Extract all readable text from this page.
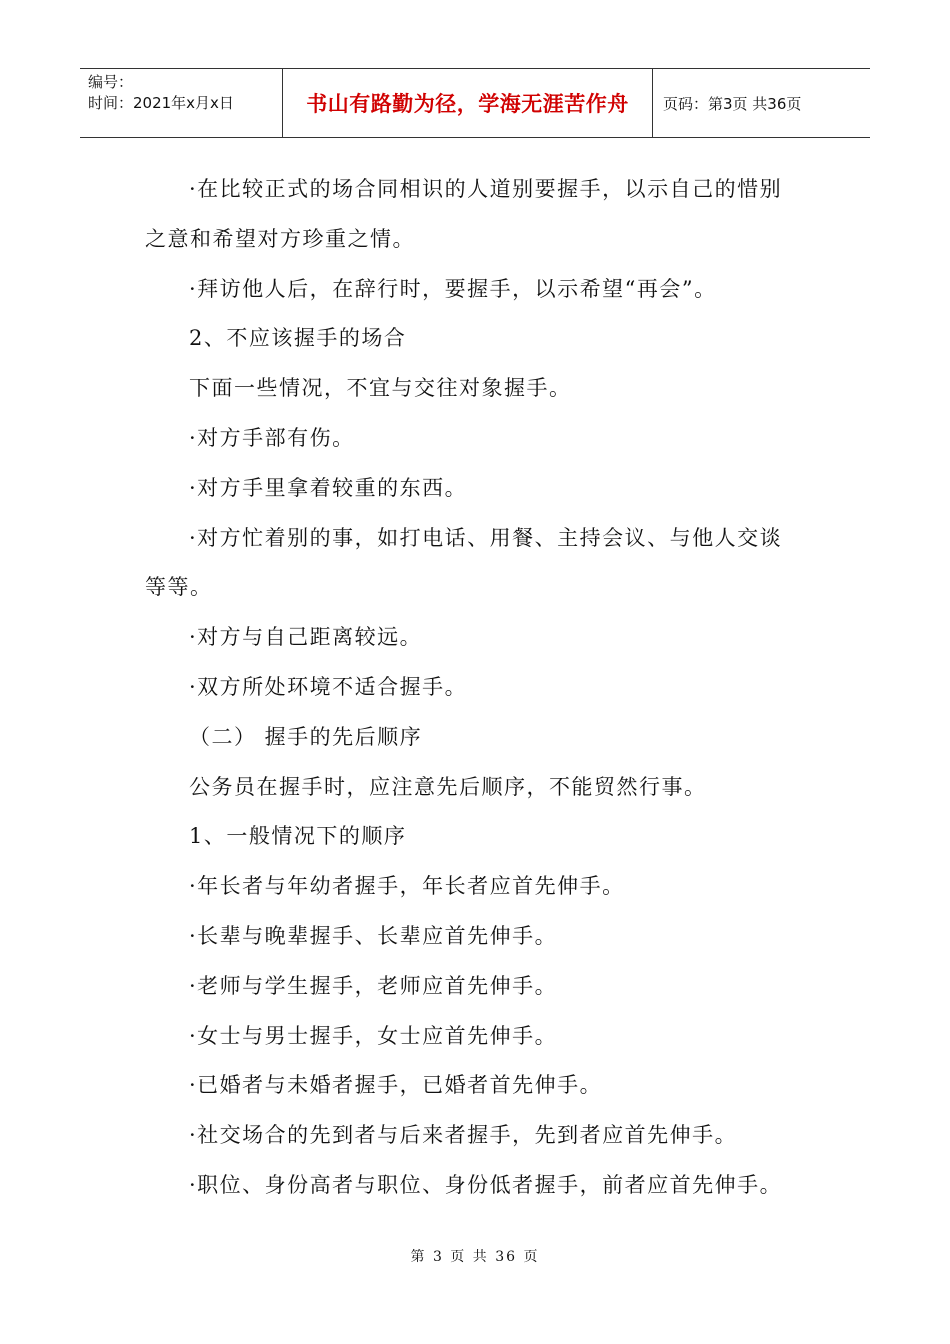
编号：
时间：2021年x月x日	书山有路勤为径，学海无涯苦作舟	页码：第3页 共36页

·在比较正式的场合同相识的人道别要握手，以示自己的惜别

之意和希望对方珍重之情。

·拜访他人后，在辞行时，要握手，以示希望“再会”。

2、不应该握手的场合

下面一些情况，不宜与交往对象握手。

·对方手部有伤。

·对方手里拿着较重的东西。

·对方忙着别的事，如打电话、用餐、主持会议、与他人交谈

等等。

·对方与自己距离较远。

·双方所处环境不适合握手。

（二） 握手的先后顺序

公务员在握手时，应注意先后顺序，不能贸然行事。

1、一般情况下的顺序

·年长者与年幼者握手，年长者应首先伸手。

·长辈与晚辈握手、长辈应首先伸手。

·老师与学生握手，老师应首先伸手。

·女士与男士握手，女士应首先伸手。

·已婚者与未婚者握手，已婚者首先伸手。

·社交场合的先到者与后来者握手，先到者应首先伸手。

·职位、身份高者与职位、身份低者握手，前者应首先伸手。

第 3 页 共 36 页
